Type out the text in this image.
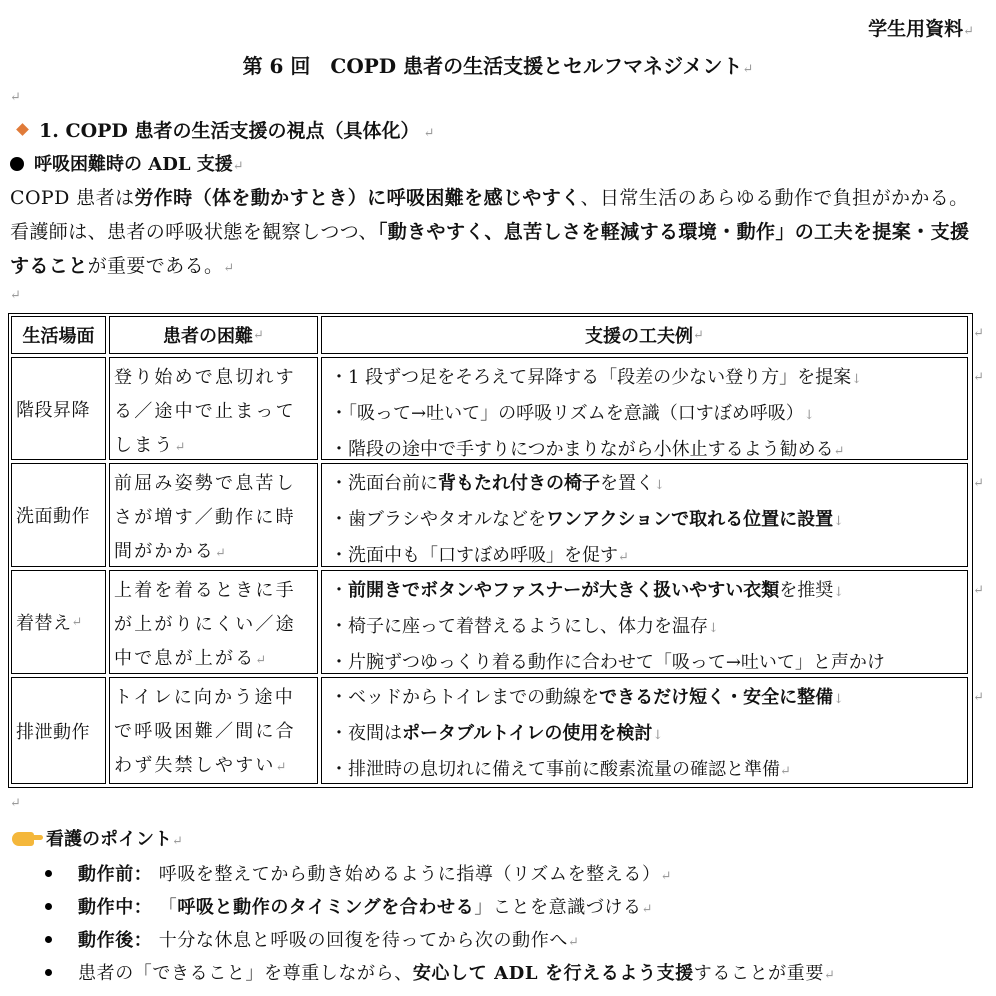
学生用資料↵
第 6 回　COPD 患者の生活支援とセルフマネジメント↵
↵
1. COPD 患者の生活支援の視点（具体化） ↵
呼吸困難時の ADL 支援↵
COPD 患者は労作時（体を動かすとき）に呼吸困難を感じやすく、日常生活のあらゆる動作で負担がかかる。看護師は、患者の呼吸状態を観察しつつ、「動きやすく、息苦しさを軽減する環境・動作」の工夫を提案・支援することが重要である。↵
↵
生活場面	患者の困難 ↵	支援の工夫例 ↵
階段昇降
登り始めで息切れする／途中で止まってしまう↵
・1 段ずつ足をそろえて昇降する「段差の少ない登り方」を提案↓
・「吸って→吐いて」の呼吸リズムを意識（口すぼめ呼吸）↓
・階段の途中で手すりにつかまりながら小休止するよう勧める↵
洗面動作
前屈み姿勢で息苦しさが増す／動作に時間がかかる↵
・洗面台前に背もたれ付きの椅子を置く↓
・歯ブラシやタオルなどをワンアクションで取れる位置に設置↓
・洗面中も「口すぼめ呼吸」を促す↵
着替え ↵
上着を着るときに手が上がりにくい／途中で息が上がる↵
・前開きでボタンやファスナーが大きく扱いやすい衣類を推奨↓
・椅子に座って着替えるようにし、体力を温存↓
・片腕ずつゆっくり着る動作に合わせて「吸って→吐いて」と声かけ
排泄動作
トイレに向かう途中で呼吸困難／間に合わず失禁しやすい↵
・ベッドからトイレまでの動線をできるだけ短く・安全に整備↓
・夜間はポータブルトイレの使用を検討↓
・排泄時の息切れに備えて事前に酸素流量の確認と準備↵
↵
↵
↵
↵
↵
↵
看護のポイント↵
動作前： 呼吸を整えてから動き始めるように指導（リズムを整える）↵
動作中： 「呼吸と動作のタイミングを合わせる」ことを意識づける↵
動作後： 十分な休息と呼吸の回復を待ってから次の動作へ↵
患者の「できること」を尊重しながら、安心して ADL を行えるよう支援することが重要↵
